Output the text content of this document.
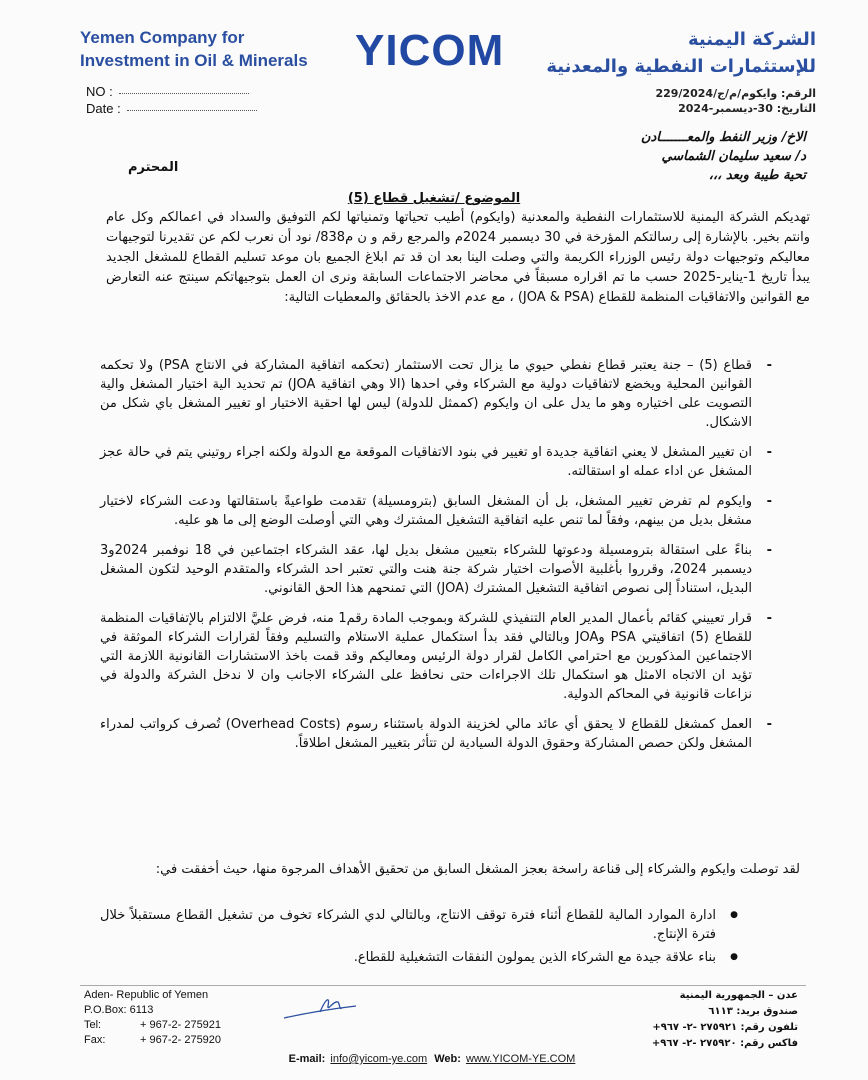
Yemen Company for
Investment in Oil & Minerals YICOM	الشركة اليمنية
للإستثمارات النفطية والمعدنية
NO :
Date :
الرقم: وايكوم/م/ج/229/2024
التاريخ: 30-ديسمبر-2024
الاخ/ وزير النفط والمعـــــــادن
د/ سعيد سليمان الشماسي
تحية طيبة وبعد ،،،
المحترم
الموضوع /تشغيل قطاع (5)
تهديكم الشركة اليمنية للاستثمارات النفطية والمعدنية (وايكوم) أطيب تحياتها وتمنياتها لكم التوفيق والسداد في اعمالكم وكل عام وانتم بخير. بالإشارة إلى رسالتكم المؤرخة في 30 ديسمبر 2024م والمرجع رقم و ن م838/ نود أن نعرب لكم عن تقديرنا لتوجيهات معاليكم وتوجيهات دولة رئيس الوزراء الكريمة والتي وصلت الينا بعد ان قد تم ابلاغ الجميع بان موعد تسليم القطاع للمشغل الجديد يبدأ تاريخ 1-يناير-2025 حسب ما تم اقراره مسبقاً في محاضر الاجتماعات السابقة ونرى ان العمل بتوجيهاتكم سينتج عنه التعارض مع القوانين والاتفاقيات المنظمة للقطاع (JOA & PSA) ، مع عدم الاخذ بالحقائق والمعطيات التالية:
- قطاع (5) – جنة يعتبر قطاع نفطي حيوي ما يزال تحت الاستثمار (تحكمه اتفاقية المشاركة في الانتاج PSA) ولا تحكمه القوانين المحلية ويخضع لاتفاقيات دولية مع الشركاء وفي احدها (الا وهي اتفاقية JOA) تم تحديد الية اختيار المشغل والية التصويت على اختياره وهو ما يدل على ان وايكوم (كممثل للدولة) ليس لها احقية الاختيار او تغيير المشغل باي شكل من الاشكال.
- ان تغيير المشغل لا يعني اتفاقية جديدة او تغيير في بنود الاتفاقيات الموقعة مع الدولة ولكنه اجراء روتيني يتم في حالة عجز المشغل عن اداء عمله او استقالته.
- وايكوم لم تفرض تغيير المشغل، بل أن المشغل السابق (بترومسيلة) تقدمت طواعيةً باستقالتها ودعت الشركاء لاختيار مشغل بديل من بينهم، وفقاً لما تنص عليه اتفاقية التشغيل المشترك وهي التي أوصلت الوضع إلى ما هو عليه.
- بناءً على استقالة بترومسيلة ودعوتها للشركاء بتعيين مشغل بديل لها، عقد الشركاء اجتماعين في 18 نوفمبر 2024و3 ديسمبر 2024، وقرروا بأغلبية الأصوات اختيار شركة جنة هنت والتي تعتبر احد الشركاء والمتقدم الوحيد لتكون المشغل البديل، استناداً إلى نصوص اتفاقية التشغيل المشترك (JOA) التي تمنحهم هذا الحق القانوني.
- قرار تعييني كقائم بأعمال المدير العام التنفيذي للشركة وبموجب المادة رقم1 منه، فرض عليَّ الالتزام بالإتفاقيات المنظمة للقطاع (5) اتفاقيتي PSA وJOA وبالتالي فقد بدأ استكمال عملية الاستلام والتسليم وفقاً لقرارات الشركاء الموثقة في الاجتماعين المذكورين مع احترامي الكامل لقرار دولة الرئيس ومعاليكم وقد قمت باخذ الاستشارات القانونية اللازمة التي تؤيد ان الاتجاه الامثل هو استكمال تلك الاجراءات حتى نحافظ على الشركاء الاجانب وان لا ندخل الشركة والدولة في نزاعات قانونية في المحاكم الدولية.
- العمل كمشغل للقطاع لا يحقق أي عائد مالي لخزينة الدولة باستثناء رسوم (Overhead Costs) تُصرف كرواتب لمدراء المشغل ولكن حصص المشاركة وحقوق الدولة السيادية لن تتأثر بتغيير المشغل اطلاقاً.
لقد توصلت وايكوم والشركاء إلى قناعة راسخة بعجز المشغل السابق من تحقيق الأهداف المرجوة منها، حيث أخفقت في:
● ادارة الموارد المالية للقطاع أثناء فترة توقف الانتاج، وبالتالي لدي الشركاء تخوف من تشغيل القطاع مستقبلاً خلال فترة الإنتاج.
● بناء علاقة جيدة مع الشركاء الذين يمولون النفقات التشغيلية للقطاع.
Aden- Republic of Yemen
P.O.Box: 6113
Tel:	+ 967-2- 275921
Fax:	+ 967-2- 275920
عدن – الجمهورية اليمنية
صندوق بريد: ٦١١٣
تلفون رقم: ٢٧٥٩٢١ -٢- ٩٦٧+
فاكس رقم: ٢٧٥٩٢٠ -٢- ٩٦٧+
E-mail: info@yicom-ye.com Web: www.YICOM-YE.COM
